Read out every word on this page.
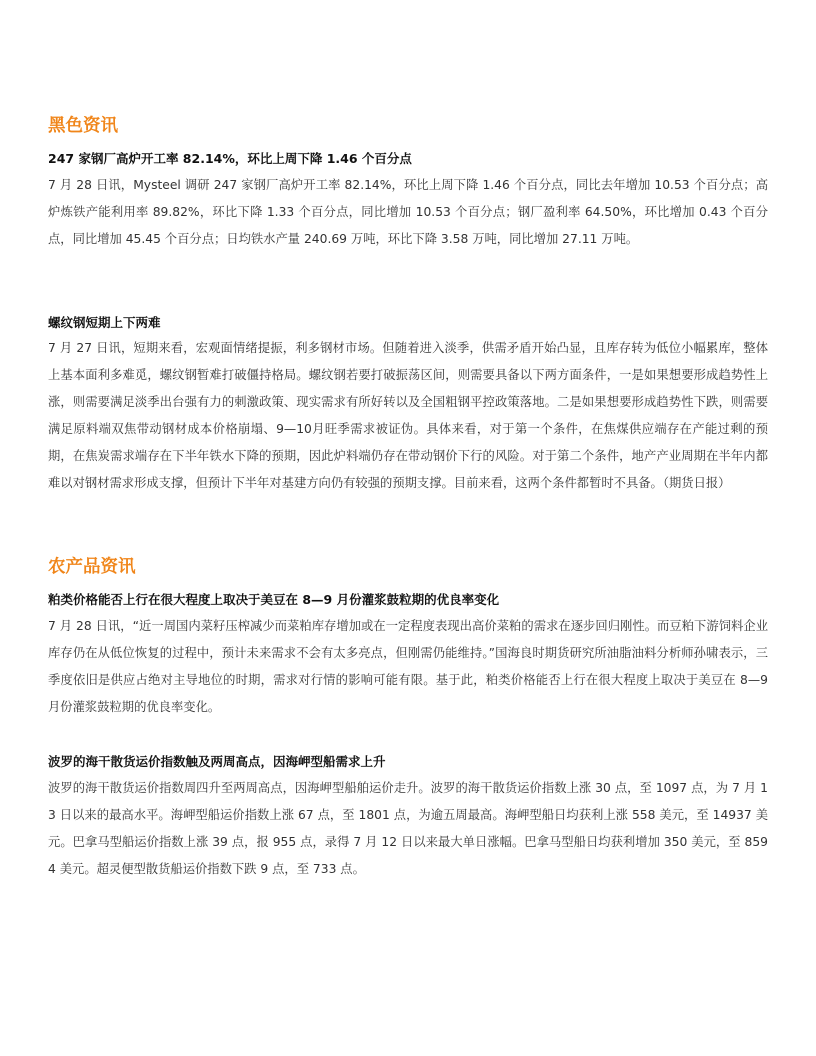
黑色资讯
247 家钢厂高炉开工率 82.14%，环比上周下降 1.46 个百分点

7 月 28 日讯，Mysteel 调研 247 家钢厂高炉开工率 82.14%，环比上周下降 1.46 个百分点，同比去年增加 10.53 个百分点；高炉炼铁产能利用率 89.82%，环比下降 1.33 个百分点，同比增加 10.53 个百分点；钢厂盈利率 64.50%，环比增加 0.43 个百分点，同比增加 45.45 个百分点；日均铁水产量 240.69 万吨，环比下降 3.58 万吨，同比增加 27.11 万吨。

螺纹钢短期上下两难

7 月 27 日讯，短期来看，宏观面情绪提振，利多钢材市场。但随着进入淡季，供需矛盾开始凸显，且库存转为低位小幅累库，整体上基本面利多难觅，螺纹钢暂难打破僵持格局。螺纹钢若要打破振荡区间，则需要具备以下两方面条件，一是如果想要形成趋势性上涨，则需要满足淡季出台强有力的刺激政策、现实需求有所好转以及全国粗钢平控政策落地。二是如果想要形成趋势性下跌，则需要满足原料端双焦带动钢材成本价格崩塌、9—10月旺季需求被证伪。具体来看，对于第一个条件，在焦煤供应端存在产能过剩的预期，在焦炭需求端存在下半年铁水下降的预期，因此炉料端仍存在带动钢价下行的风险。对于第二个条件，地产产业周期在半年内都难以对钢材需求形成支撑，但预计下半年对基建方向仍有较强的预期支撑。目前来看，这两个条件都暂时不具备。（期货日报）

农产品资讯
粕类价格能否上行在很大程度上取决于美豆在 8—9 月份灌浆鼓粒期的优良率变化

7 月 28 日讯，“近一周国内菜籽压榨减少而菜粕库存增加或在一定程度表现出高价菜粕的需求在逐步回归刚性。而豆粕下游饲料企业库存仍在从低位恢复的过程中，预计未来需求不会有太多亮点，但刚需仍能维持。”国海良时期货研究所油脂油料分析师孙啸表示，三季度依旧是供应占绝对主导地位的时期，需求对行情的影响可能有限。基于此，粕类价格能否上行在很大程度上取决于美豆在 8—9 月份灌浆鼓粒期的优良率变化。

波罗的海干散货运价指数触及两周高点，因海岬型船需求上升

波罗的海干散货运价指数周四升至两周高点，因海岬型船舶运价走升。波罗的海干散货运价指数上涨 30 点，至 1097 点，为 7 月 13 日以来的最高水平。海岬型船运价指数上涨 67 点，至 1801 点，为逾五周最高。海岬型船日均获利上涨 558 美元，至 14937 美元。巴拿马型船运价指数上涨 39 点，报 955 点，录得 7 月 12 日以来最大单日涨幅。巴拿马型船日均获利增加 350 美元，至 8594 美元。超灵便型散货船运价指数下跌 9 点，至 733 点。
